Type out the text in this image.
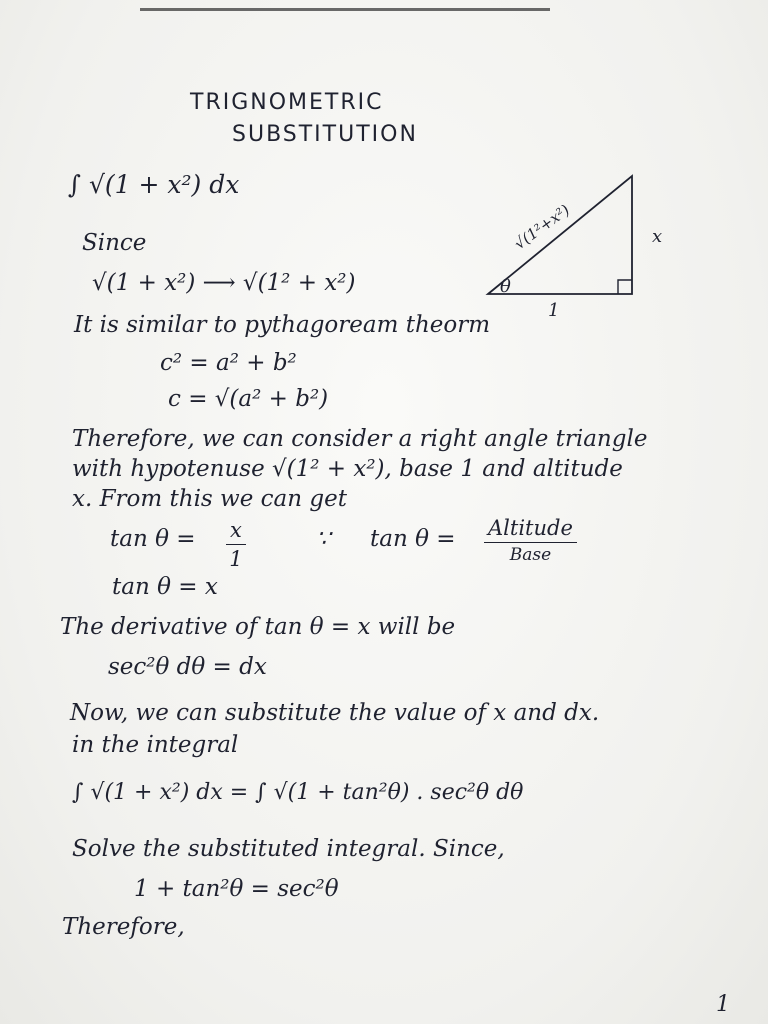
TRIGNOMETRIC
SUBSTITUTION
∫ √(1 + x²) dx
Since
√(1 + x²) ⟶ √(1² + x²)
√(1²+x²)	x
θ
1
It is similar to pythagoream theorm
c² = a² + b²
c = √(a² + b²)
Therefore, we can consider a right angle triangle
with hypotenuse √(1² + x²), base 1 and altitude
x. From this we can get
$\tan \theta = \frac{x}{1}$	∵ tan θ = Altitude
Base
tan θ = x
The derivative of tan θ = x will be
sec²θ dθ = dx
Now, we can substitute the value of x and dx.
in the integral
∫ √(1 + x²) dx = ∫ √(1 + tan²θ) . sec²θ dθ
Solve the substituted integral. Since,
1 + tan²θ = sec²θ
Therefore,
1
